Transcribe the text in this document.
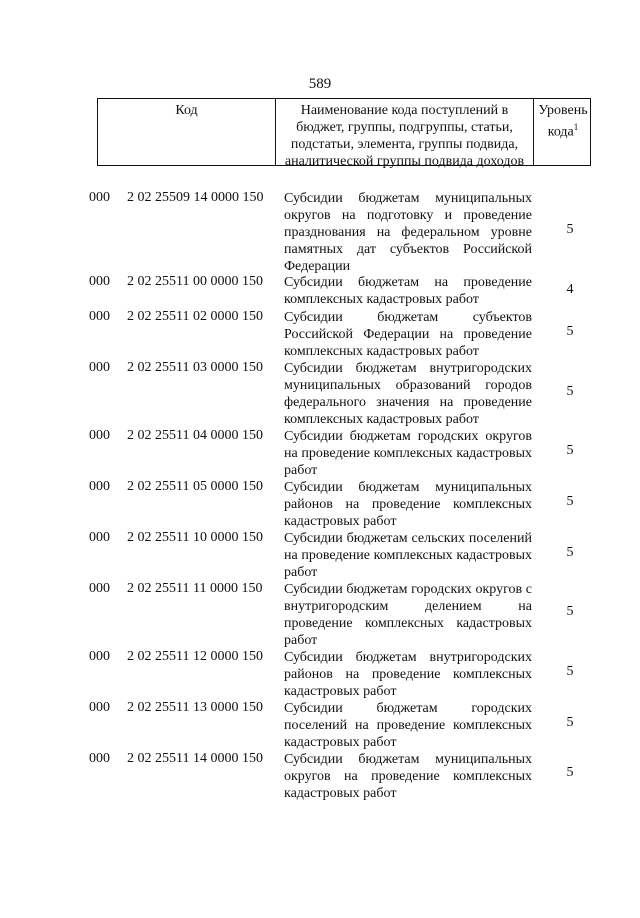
589
Код	Наименование кода поступлений в бюджет, группы, подгруппы, статьи, подстатьи, элемента, группы подвида, аналитической группы подвида доходов
Уровень кода$^1$
000 2 02 25509 14 0000 150 Субсидии бюджетам муниципальных округов на подготовку и проведение празднования на федеральном уровне памятных дат субъектов Российской Федерации
5
000 2 02 25511 00 0000 150 Субсидии бюджетам на проведение комплексных кадастровых работ
4
000 2 02 25511 02 0000 150 Субсидии бюджетам субъектов Российской Федерации на проведение комплексных кадастровых работ
5
000 2 02 25511 03 0000 150 Субсидии бюджетам внутригородских муниципальных образований городов федерального значения на проведение комплексных кадастровых работ
5
000 2 02 25511 04 0000 150 Субсидии бюджетам городских округов на проведение комплексных кадастровых работ
5
000 2 02 25511 05 0000 150 Субсидии бюджетам муниципальных районов на проведение комплексных кадастровых работ
5
000 2 02 25511 10 0000 150 Субсидии бюджетам сельских поселений на проведение комплексных кадастровых работ
5
000 2 02 25511 11 0000 150 Субсидии бюджетам городских округов с внутригородским делением на проведение комплексных кадастровых работ
5
000 2 02 25511 12 0000 150 Субсидии бюджетам внутригородских районов на проведение комплексных кадастровых работ
5
000 2 02 25511 13 0000 150 Субсидии бюджетам городских поселений на проведение комплексных кадастровых работ
5
000 2 02 25511 14 0000 150 Субсидии бюджетам муниципальных округов на проведение комплексных кадастровых работ
5
